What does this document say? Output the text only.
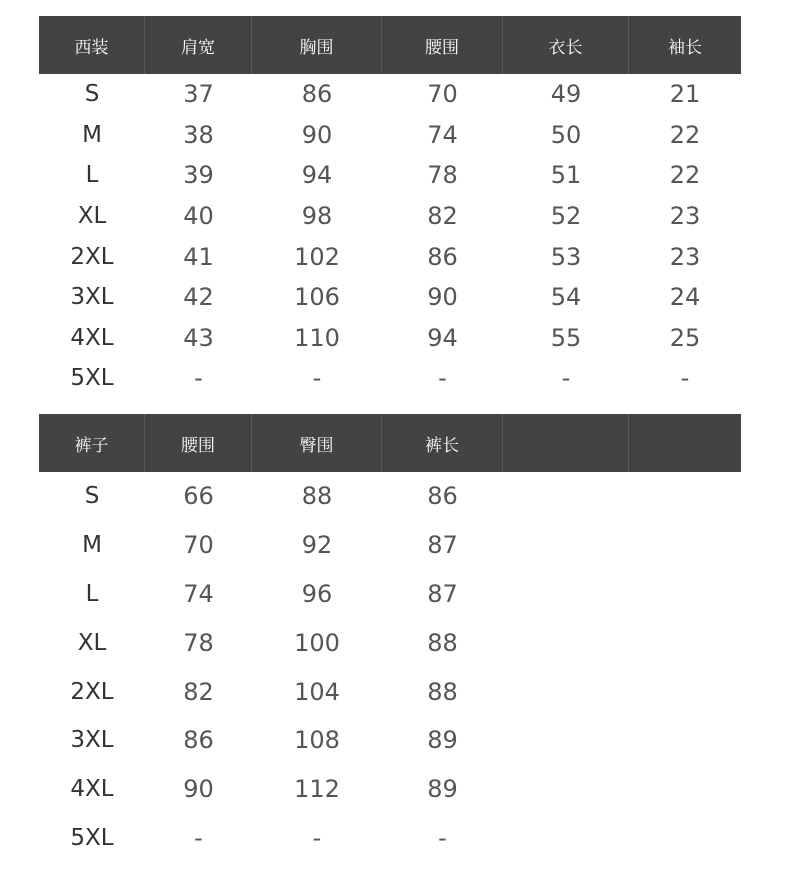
西装	肩宽	胸围	腰围	衣长	袖长
S	37	86	70	49	21
M	38	90	74	50	22
L	39	94	78	51	22
XL	40	98	82	52	23
2XL	41	102	86	53	23
3XL	42	106	90	54	24
4XL	43	110	94	55	25
5XL	-	-	-	-	-
裤子	腰围	臀围	裤长
S	66	88	86
M	70	92	87
L	74	96	87
XL	78	100	88
2XL	82	104	88
3XL	86	108	89
4XL	90	112	89
5XL	-	-	-
